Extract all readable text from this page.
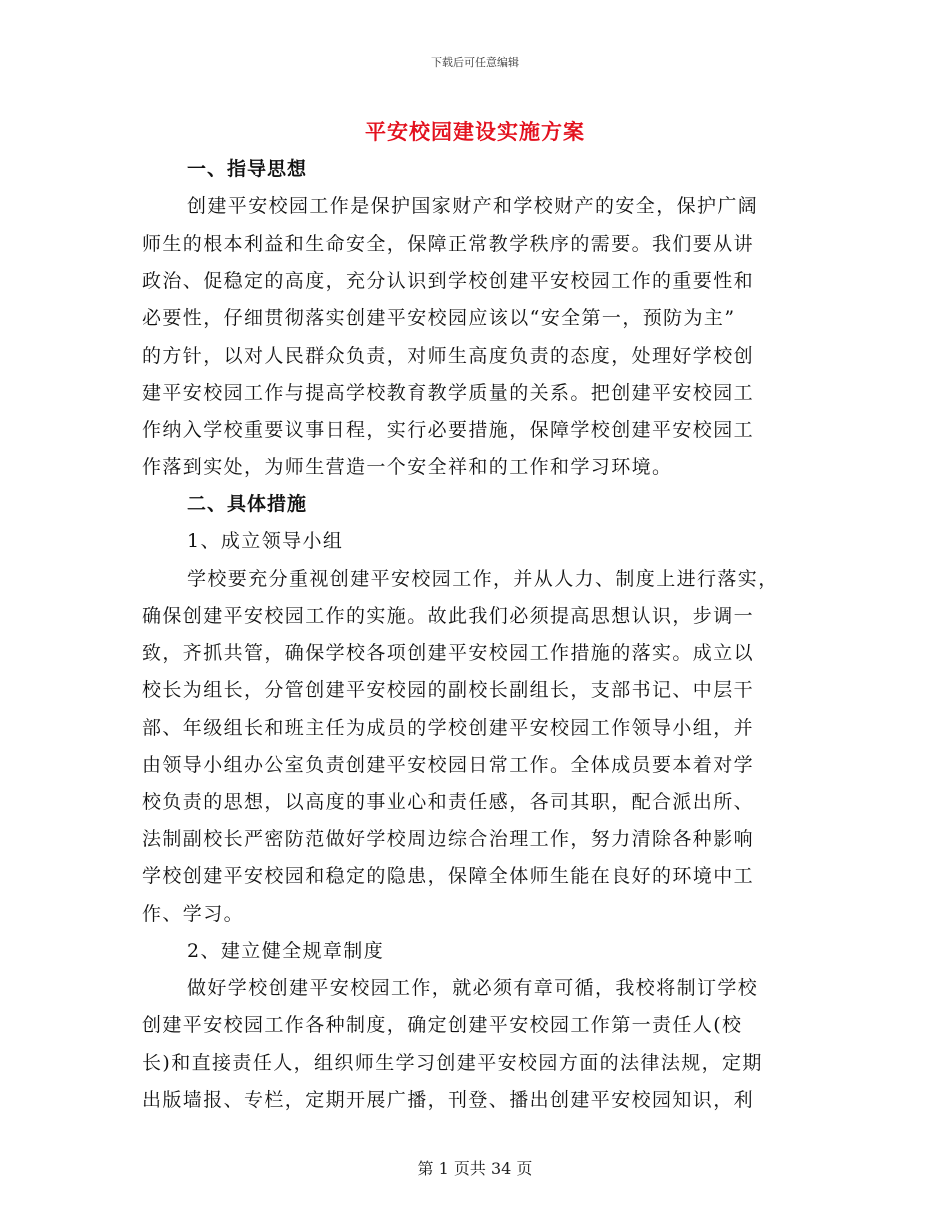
下载后可任意编辑
平安校园建设实施方案
一、指导思想
创建平安校园工作是保护国家财产和学校财产的安全，保护广阔
师生的根本利益和生命安全，保障正常教学秩序的需要。我们要从讲
政治、促稳定的高度，充分认识到学校创建平安校园工作的重要性和
必要性，仔细贯彻落实创建平安校园应该以“安全第一，预防为主”
的方针，以对人民群众负责，对师生高度负责的态度，处理好学校创
建平安校园工作与提高学校教育教学质量的关系。把创建平安校园工
作纳入学校重要议事日程，实行必要措施，保障学校创建平安校园工
作落到实处，为师生营造一个安全祥和的工作和学习环境。
二、具体措施
1、成立领导小组
学校要充分重视创建平安校园工作，并从人力、制度上进行落实，
确保创建平安校园工作的实施。故此我们必须提高思想认识，步调一
致，齐抓共管，确保学校各项创建平安校园工作措施的落实。成立以
校长为组长，分管创建平安校园的副校长副组长，支部书记、中层干
部、年级组长和班主任为成员的学校创建平安校园工作领导小组，并
由领导小组办公室负责创建平安校园日常工作。全体成员要本着对学
校负责的思想，以高度的事业心和责任感，各司其职，配合派出所、
法制副校长严密防范做好学校周边综合治理工作，努力清除各种影响
学校创建平安校园和稳定的隐患，保障全体师生能在良好的环境中工
作、学习。
2、建立健全规章制度
做好学校创建平安校园工作，就必须有章可循，我校将制订学校
创建平安校园工作各种制度，确定创建平安校园工作第一责任人(校
长)和直接责任人，组织师生学习创建平安校园方面的法律法规，定期
出版墙报、专栏，定期开展广播，刊登、播出创建平安校园知识，利
第 1 页共 34 页
